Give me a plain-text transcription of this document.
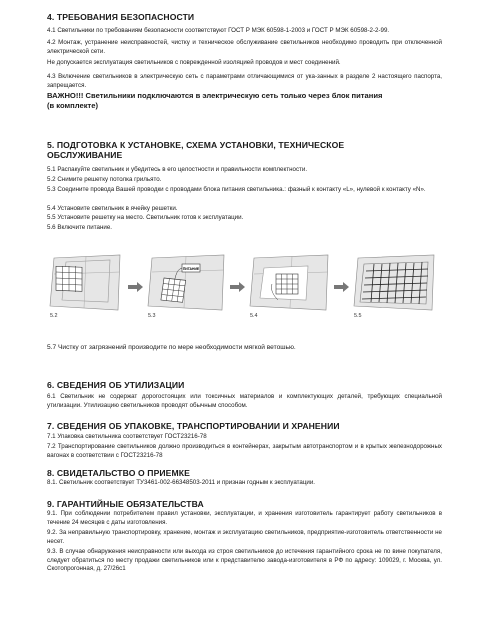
4. ТРЕБОВАНИЯ БЕЗОПАСНОСТИ
4.1 Светильники по требованиям безопасности соответствуют ГОСТ Р МЭК 60598-1-2003 и ГОСТ Р МЭК 60598-2-2-99.
4.2 Монтаж, устранение неисправностей, чистку и техническое обслуживание светильников необходимо проводить при отключенной электрической сети.
Не допускается эксплуатация светильников с поврежденной изоляцией проводов и мест соединений.
4.3 Включение светильников в электрическую сеть с параметрами отличающимися от ука-занных в разделе 2 настоящего паспорта, запрещается.
ВАЖНО!!! Светильники подключаются в электрическую сеть только через блок питания
(в комплекте)
5. ПОДГОТОВКА К УСТАНОВКЕ, СХЕМА УСТАНОВКИ, ТЕХНИЧЕСКОЕ
ОБСЛУЖИВАНИЕ
5.1 Распакуйте светильник и убедитесь в его целостности и правильности комплектности.
5.2 Снимите решетку потолка грильято.
5.3 Соедините провода Вашей проводки с проводами блока питания светильника.: фазный к контакту «L», нулевой к контакту «N».
5.4 Установите светильник в ячейку решетки.
5.5 Установите решетку на место. Светильник готов к эксплуатации.
5.6 Включите питание.
ПИТАНИЕ
5.2	5.3	5.4	5.5
5.7 Чистку от загрязнений производите по мере необходимости мягкой ветошью.
6. СВЕДЕНИЯ ОБ УТИЛИЗАЦИИ
6.1 Светильник не содержат дорогостоящих или токсичных материалов и комплектующих деталей, требующих специальной утилизации. Утилизацию светильников проводят обычным способом.
7. СВЕДЕНИЯ ОБ УПАКОВКЕ, ТРАНСПОРТИРОВАНИИ И ХРАНЕНИИ
7.1 Упаковка светильника соответствует ГОСТ23216-78
7.2 Транспортирование светильников должно производиться в контейнерах, закрытым автотранспортом и в крытых железнодорожных вагонах в соответствии с ГОСТ23216-78
8. СВИДЕТАЛЬСТВО О ПРИЕМКЕ
8.1. Светильник соответствует ТУ3461-002-66348503-2011 и признан годным к эксплуатации.
9. ГАРАНТИЙНЫЕ ОБЯЗАТЕЛЬСТВА
9.1. При соблюдении потребителем правил установки, эксплуатации, и хранения изготовитель гарантирует работу светильников в течение 24 месяцев с даты изготовления.
9.2. За неправильную транспортировку, хранение, монтаж и эксплуатацию светильников, предприятие-изготовитель ответственности не несет.
9.3. В случае обнаружения неисправности или выхода из строя светильников до истечения гарантийного срока не по вине покупателя, следует обратиться по месту продажи светильников или к представителю завода-изготовителя в РФ по адресу: 109029, г. Москва, ул. Скотопрогонная, д. 27/26с1
